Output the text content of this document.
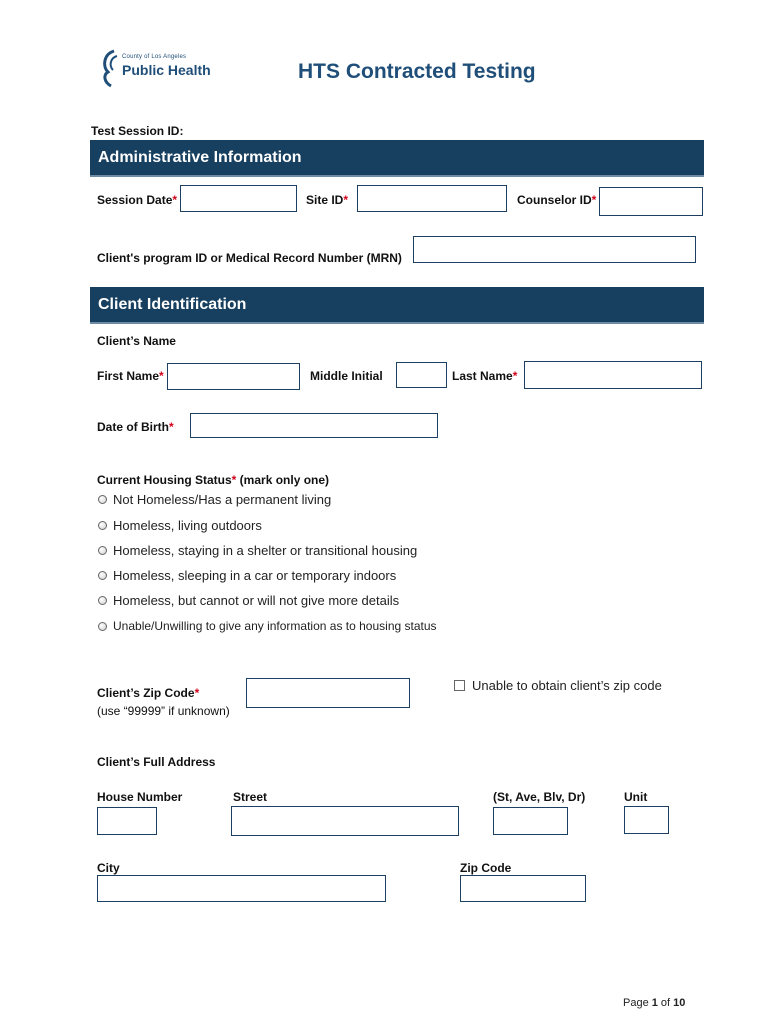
County of Los Angeles
Public Health	HTS Contracted Testing
Test Session ID:
Administrative Information
Session Date*	Site ID*	Counselor ID*
Client's program ID or Medical Record Number (MRN)
Client Identification
Client’s Name
First Name*	Middle Initial	Last Name*
Date of Birth*
Current Housing Status* (mark only one)
Not Homeless/Has a permanent living
Homeless, living outdoors
Homeless, staying in a shelter or transitional housing
Homeless, sleeping in a car or temporary indoors
Homeless, but cannot or will not give more details
Unable/Unwilling to give any information as to housing status
Client’s Zip Code*
(use “99999” if unknown)
Unable to obtain client’s zip code
Client’s Full Address
House Number	Street	(St, Ave, Blv, Dr)	Unit
City	Zip Code
Page 1 of 10
